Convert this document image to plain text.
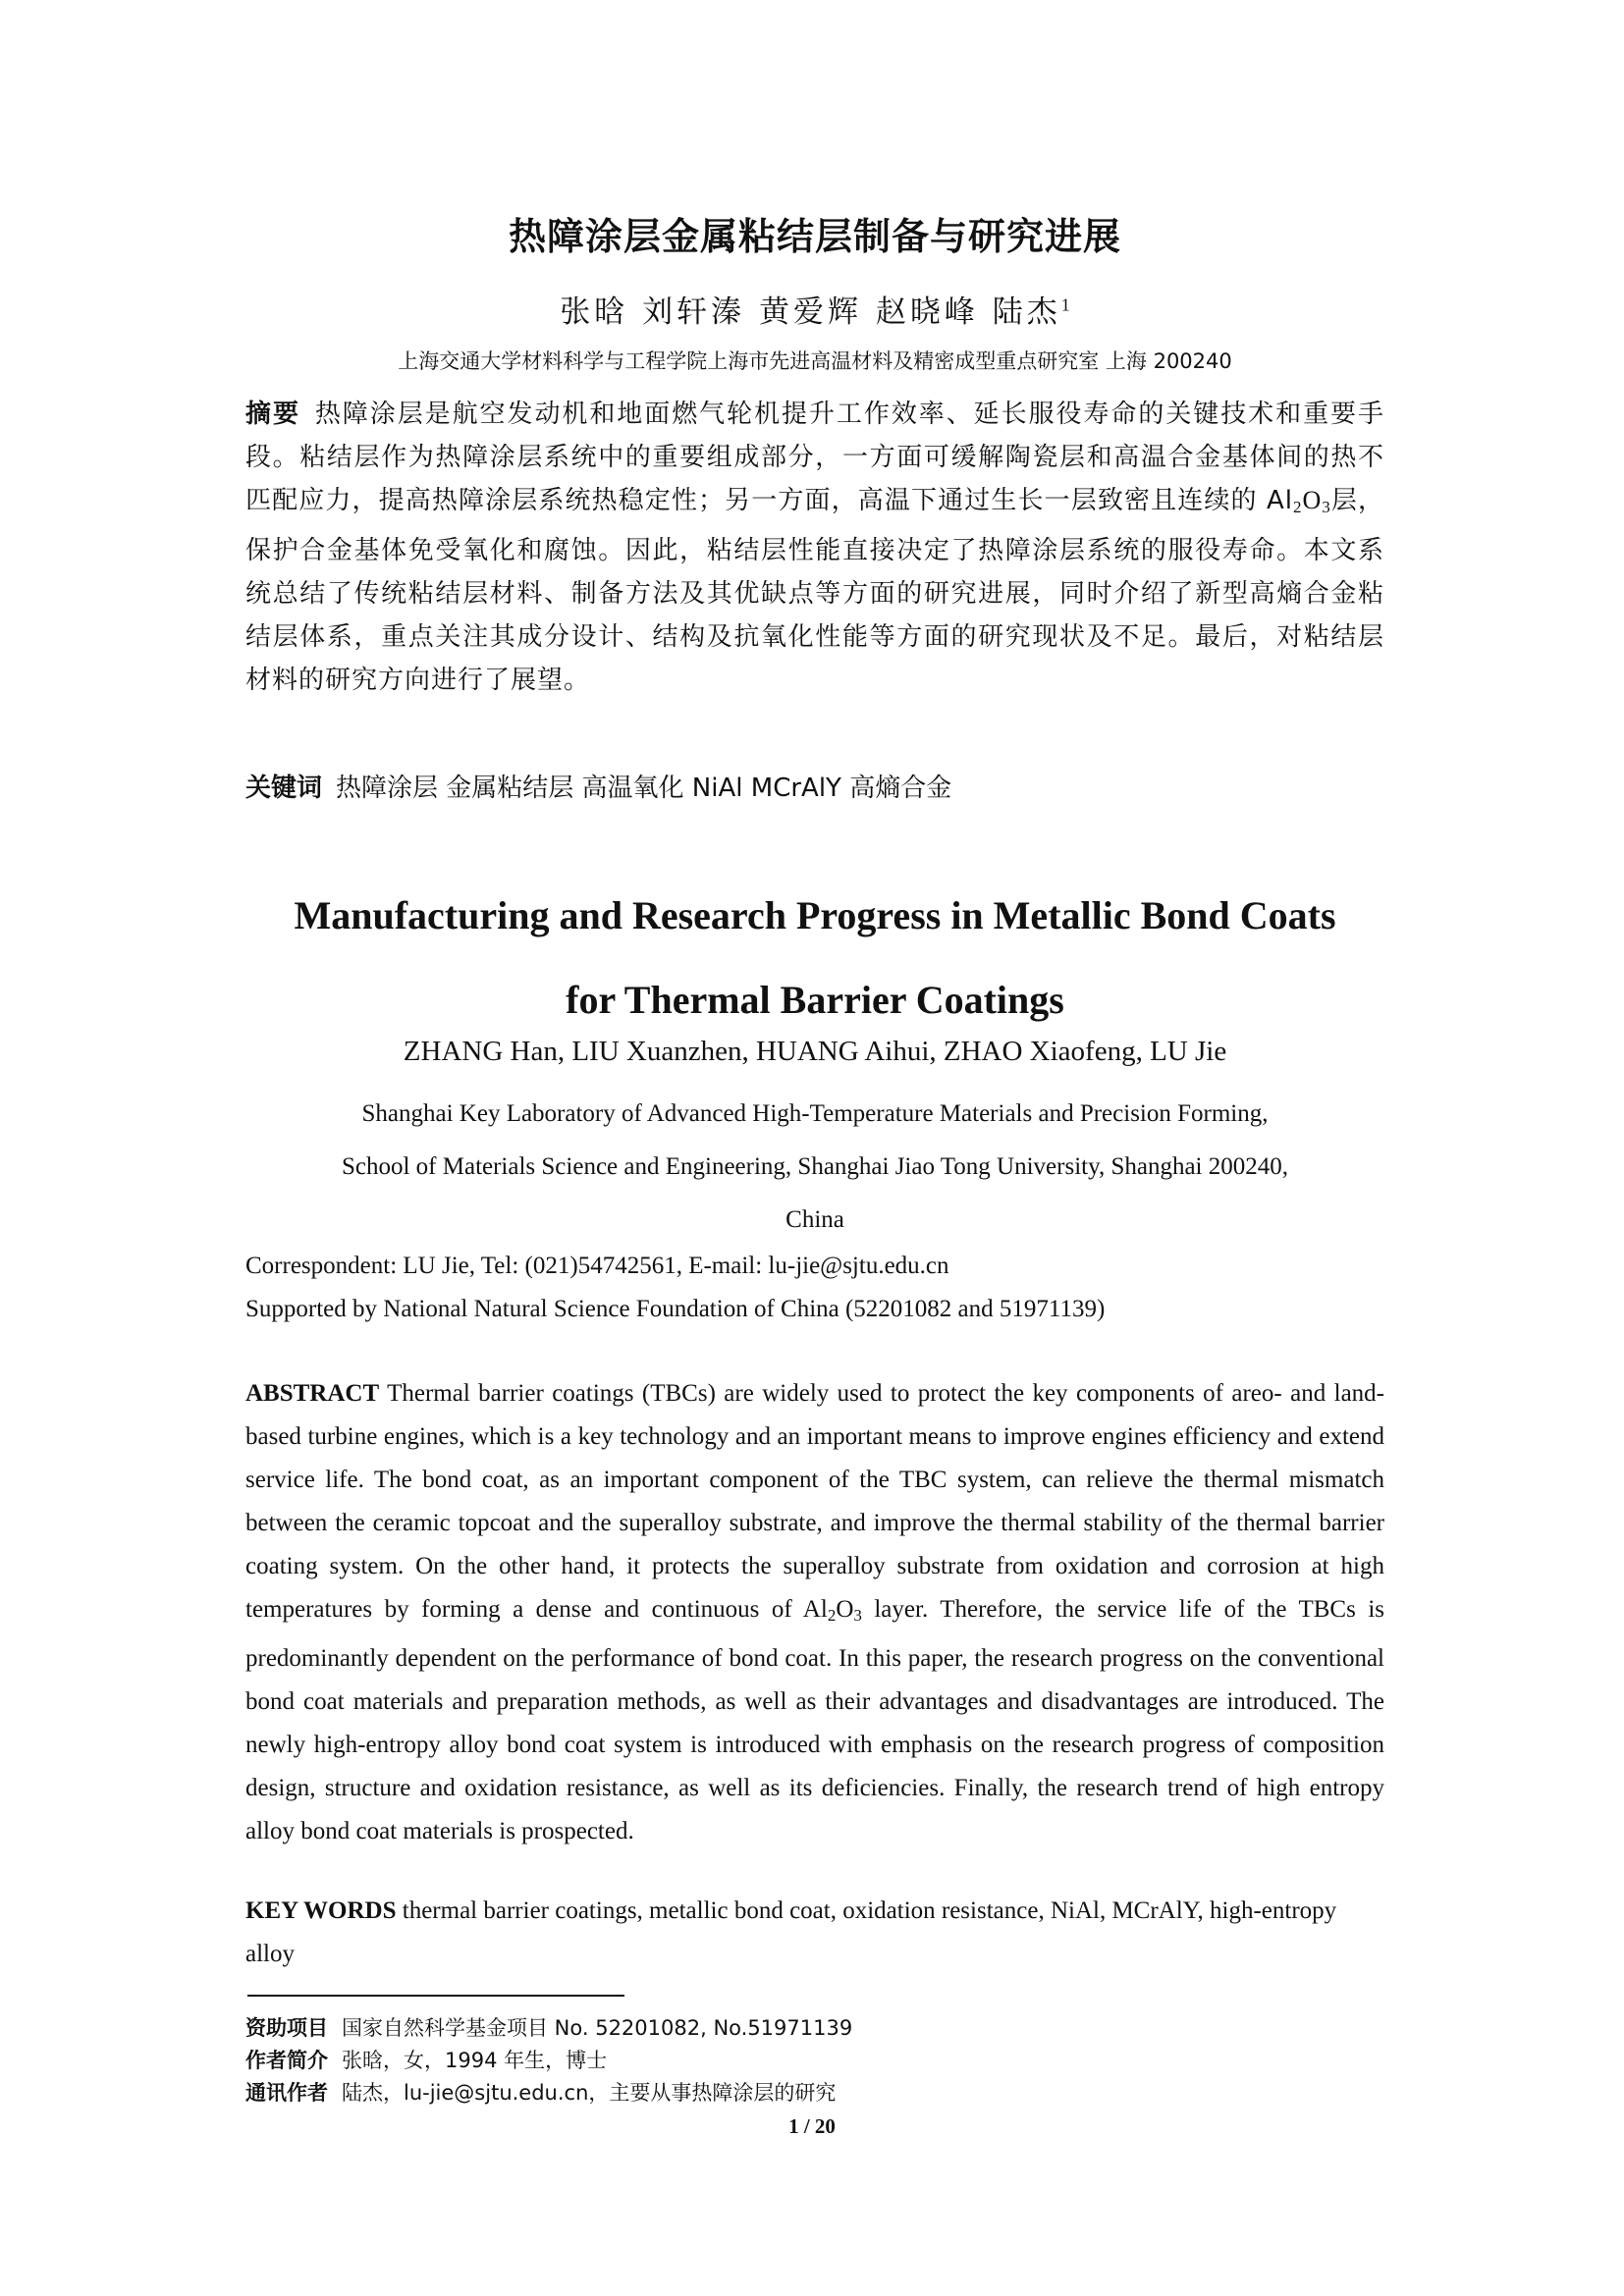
热障涂层金属粘结层制备与研究进展
张晗 刘轩溱 黄爱辉 赵晓峰 陆杰$^1$
上海交通大学材料科学与工程学院上海市先进高温材料及精密成型重点研究室 上海 200240
摘要 热障涂层是航空发动机和地面燃气轮机提升工作效率、延长服役寿命的关键技术和重要手段。粘结层作为热障涂层系统中的重要组成部分，一方面可缓解陶瓷层和高温合金基体间的热不匹配应力，提高热障涂层系统热稳定性；另一方面，高温下通过生长一层致密且连续的 Al2O3层，保护合金基体免受氧化和腐蚀。因此，粘结层性能直接决定了热障涂层系统的服役寿命。本文系统总结了传统粘结层材料、制备方法及其优缺点等方面的研究进展，同时介绍了新型高熵合金粘结层体系，重点关注其成分设计、结构及抗氧化性能等方面的研究现状及不足。最后，对粘结层材料的研究方向进行了展望。
关键词 热障涂层 金属粘结层 高温氧化 NiAl MCrAlY 高熵合金
Manufacturing and Research Progress in Metallic Bond Coats
for Thermal Barrier Coatings
ZHANG Han, LIU Xuanzhen, HUANG Aihui, ZHAO Xiaofeng, LU Jie
Shanghai Key Laboratory of Advanced High-Temperature Materials and Precision Forming,
School of Materials Science and Engineering, Shanghai Jiao Tong University, Shanghai 200240,
China
Correspondent: LU Jie, Tel: (021)54742561, E-mail: lu-jie@sjtu.edu.cn
Supported by National Natural Science Foundation of China (52201082 and 51971139)
ABSTRACT Thermal barrier coatings (TBCs) are widely used to protect the key components of areo- and land-based turbine engines, which is a key technology and an important means to improve engines efficiency and extend service life. The bond coat, as an important component of the TBC system, can relieve the thermal mismatch between the ceramic topcoat and the superalloy substrate, and improve the thermal stability of the thermal barrier coating system. On the other hand, it protects the superalloy substrate from oxidation and corrosion at high temperatures by forming a dense and continuous of Al2O3 layer. Therefore, the service life of the TBCs is predominantly dependent on the performance of bond coat. In this paper, the research progress on the conventional bond coat materials and preparation methods, as well as their advantages and disadvantages are introduced. The newly high-entropy alloy bond coat system is introduced with emphasis on the research progress of composition design, structure and oxidation resistance, as well as its deficiencies. Finally, the research trend of high entropy alloy bond coat materials is prospected.
KEY WORDS thermal barrier coatings, metallic bond coat, oxidation resistance, NiAl, MCrAlY, high-entropy alloy
资助项目 国家自然科学基金项目 No. 52201082, No.51971139
作者简介 张晗，女，1994 年生，博士
通讯作者 陆杰，lu-jie@sjtu.edu.cn，主要从事热障涂层的研究
1 / 20
